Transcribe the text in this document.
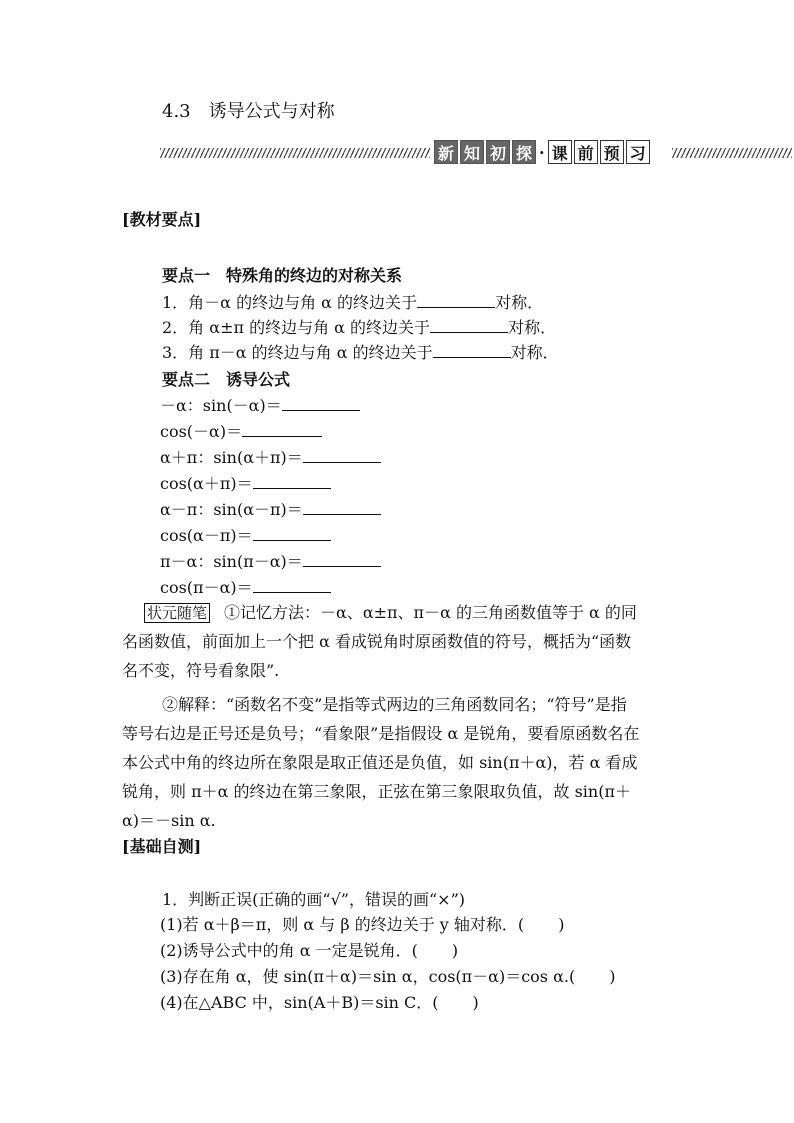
4.3　诱导公式与对称
新 知 初 探 · 课 前 预 习
[教材要点]
要点一　特殊角的终边的对称关系
1．角－α 的终边与角 α 的终边关于	对称．
2．角 α±π 的终边与角 α 的终边关于	对称．
3．角 π－α 的终边与角 α 的终边关于	对称．
要点二　诱导公式
－α：sin(－α)＝
cos(－α)＝
α＋π：sin(α＋π)＝
cos(α＋π)＝
α－π：sin(α－π)＝
cos(α－π)＝
π－α：sin(π－α)＝
cos(π－α)＝
状元随笔 ①记忆方法：－α、α±π、π－α 的三角函数值等于 α 的同名函数值，前面加上一个把 α 看成锐角时原函数值的符号，概括为“函数名不变，符号看象限”.
②解释：“函数名不变”是指等式两边的三角函数同名；“符号”是指等号右边是正号还是负号；“看象限”是指假设 α 是锐角，要看原函数名在本公式中角的终边所在象限是取正值还是负值，如 sin(π＋α)，若 α 看成锐角，则 π＋α 的终边在第三象限，正弦在第三象限取负值，故 sin(π＋α)＝－sin α.
[基础自测]
1．判断正误(正确的画“√”，错误的画“×”)
(1)若 α＋β＝π，则 α 与 β 的终边关于 y 轴对称．( )
(2)诱导公式中的角 α 一定是锐角．( )
(3)存在角 α，使 sin(π＋α)＝sin α，cos(π－α)＝cos α.( )
(4)在△ABC 中，sin(A＋B)＝sin C．( )
